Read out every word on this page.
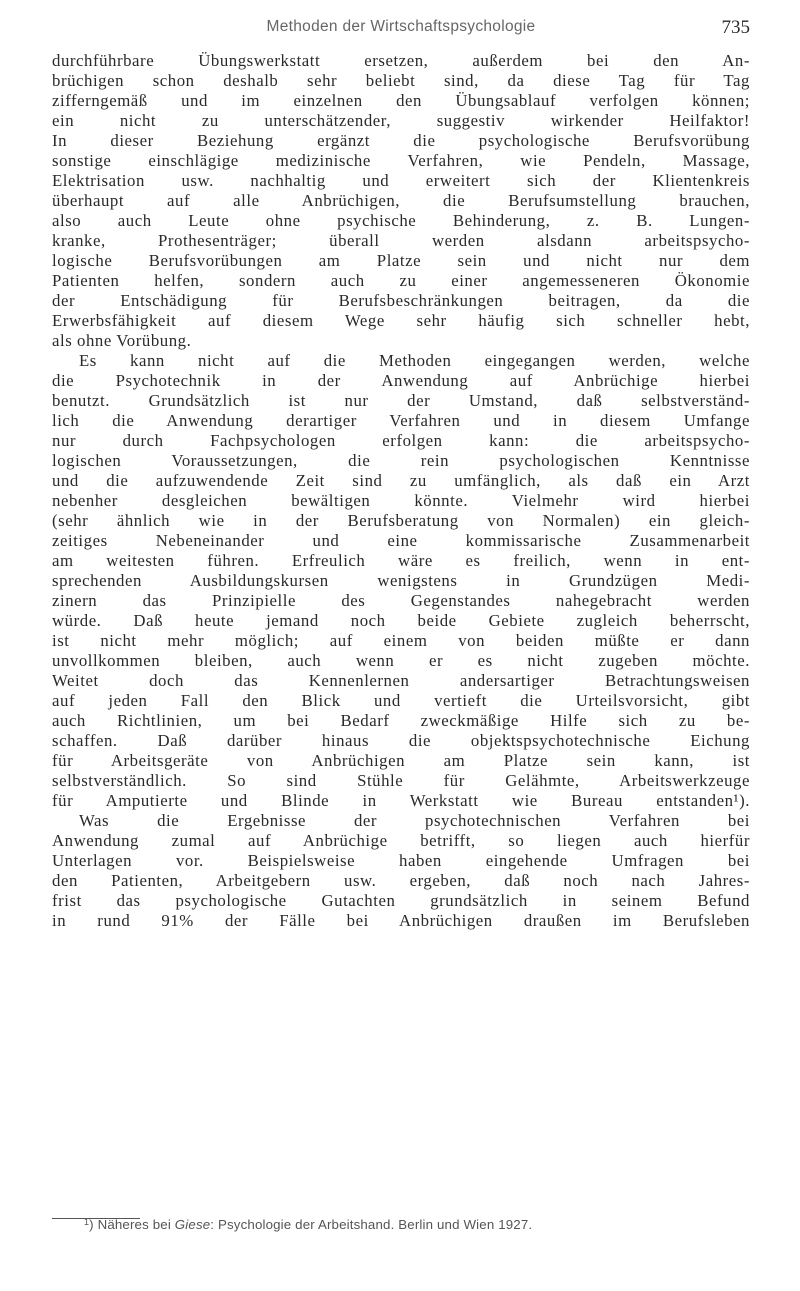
Methoden der Wirtschaftspsychologie	735
durchführbare Übungswerkstatt ersetzen, außerdem bei den An-
brüchigen schon deshalb sehr beliebt sind, da diese Tag für Tag
zifferngemäß und im einzelnen den Übungsablauf verfolgen können;
ein nicht zu unterschätzender, suggestiv wirkender Heilfaktor!
In dieser Beziehung ergänzt die psychologische Berufsvorübung
sonstige einschlägige medizinische Verfahren, wie Pendeln, Massage,
Elektrisation usw. nachhaltig und erweitert sich der Klientenkreis
überhaupt auf alle Anbrüchigen, die Berufsumstellung brauchen,
also auch Leute ohne psychische Behinderung, z. B. Lungen-
kranke, Prothesenträger; überall werden alsdann arbeitspsycho-
logische Berufsvorübungen am Platze sein und nicht nur dem
Patienten helfen, sondern auch zu einer angemesseneren Ökonomie
der Entschädigung für Berufsbeschränkungen beitragen, da die
Erwerbsfähigkeit auf diesem Wege sehr häufig sich schneller hebt,
als ohne Vorübung.
Es kann nicht auf die Methoden eingegangen werden, welche
die Psychotechnik in der Anwendung auf Anbrüchige hierbei
benutzt. Grundsätzlich ist nur der Umstand, daß selbstverständ-
lich die Anwendung derartiger Verfahren und in diesem Umfange
nur durch Fachpsychologen erfolgen kann: die arbeitspsycho-
logischen Voraussetzungen, die rein psychologischen Kenntnisse
und die aufzuwendende Zeit sind zu umfänglich, als daß ein Arzt
nebenher desgleichen bewältigen könnte. Vielmehr wird hierbei
(sehr ähnlich wie in der Berufsberatung von Normalen) ein gleich-
zeitiges Nebeneinander und eine kommissarische Zusammenarbeit
am weitesten führen. Erfreulich wäre es freilich, wenn in ent-
sprechenden Ausbildungskursen wenigstens in Grundzügen Medi-
zinern das Prinzipielle des Gegenstandes nahegebracht werden
würde. Daß heute jemand noch beide Gebiete zugleich beherrscht,
ist nicht mehr möglich; auf einem von beiden müßte er dann
unvollkommen bleiben, auch wenn er es nicht zugeben möchte.
Weitet doch das Kennenlernen andersartiger Betrachtungsweisen
auf jeden Fall den Blick und vertieft die Urteilsvorsicht, gibt
auch Richtlinien, um bei Bedarf zweckmäßige Hilfe sich zu be-
schaffen. Daß darüber hinaus die objektspsychotechnische Eichung
für Arbeitsgeräte von Anbrüchigen am Platze sein kann, ist
selbstverständlich. So sind Stühle für Gelähmte, Arbeitswerkzeuge
für Amputierte und Blinde in Werkstatt wie Bureau entstanden¹).
Was die Ergebnisse der psychotechnischen Verfahren bei
Anwendung zumal auf Anbrüchige betrifft, so liegen auch hierfür
Unterlagen vor. Beispielsweise haben eingehende Umfragen bei
den Patienten, Arbeitgebern usw. ergeben, daß noch nach Jahres-
frist das psychologische Gutachten grundsätzlich in seinem Befund
in rund 91% der Fälle bei Anbrüchigen draußen im Berufsleben
$^1$) Näheres bei Giese: Psychologie der Arbeitshand. Berlin und Wien 1927.
